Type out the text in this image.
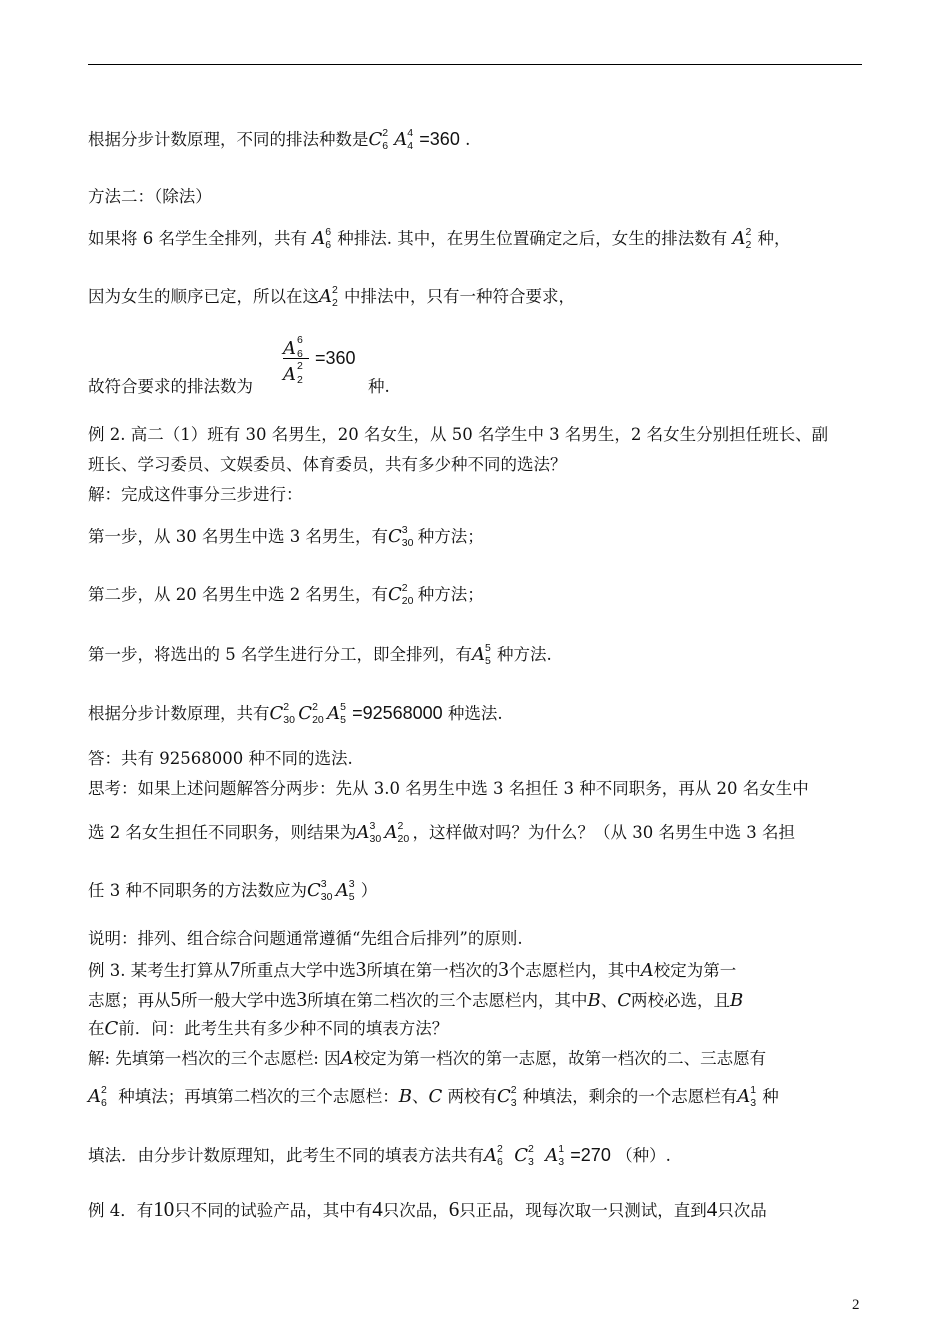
根据分步计数原理，不同的排法种数是C 2
6 A 4
4 =360 .
方法二：（除法）
如果将 6 名学生全排列，共有 A 6
6 种排法. 其中，在男生位置确定之后，女生的排法数有 A 2
2 种，
因为女生的顺序已定，所以在这A 2
2 中排法中，只有一种符合要求，
故符合要求的排法数为
A 6
6
A 2
2
=360
种.
例 2. 高二（1）班有 30 名男生，20 名女生，从 50 名学生中 3 名男生，2 名女生分别担任班长、副
班长、学习委员、文娱委员、体育委员，共有多少种不同的选法？
解：完成这件事分三步进行：
第一步，从 30 名男生中选 3 名男生，有C 3
30 种方法；
第二步，从 20 名男生中选 2 名男生，有C 2
20 种方法；
第一步，将选出的 5 名学生进行分工，即全排列，有A 5
5 种方法.
根据分步计数原理，共有C 2
30 C 2
20 A 5
5 =92568000 种选法.
答：共有 92568000 种不同的选法.
思考：如果上述问题解答分两步：先从 3.0 名男生中选 3 名担任 3 种不同职务，再从 20 名女生中
选 2 名女生担任不同职务，则结果为A 3
30 A 2
20 ，这样做对吗？为什么？（从 30 名男生中选 3 名担
任 3 种不同职务的方法数应为C 3
30 A 3
5 ）
说明：排列、组合综合问题通常遵循“先组合后排列”的原则.
例 3. 某考生打算从7所重点大学中选3所填在第一档次的3个志愿栏内，其中A校定为第一
志愿；再从5所一般大学中选3所填在第二档次的三个志愿栏内，其中B、C两校必选，且B
在C前．问：此考生共有多少种不同的填表方法？
解: 先填第一档次的三个志愿栏: 因A校定为第一档次的第一志愿，故第一档次的二、三志愿有
A 2
6 种填法；再填第二档次的三个志愿栏：B、C 两校有C 2
3 种填法，剩余的一个志愿栏有A 1
3 种
填法．由分步计数原理知，此考生不同的填表方法共有A 2
6 C 2
3 A 1
3 =270 （种）.
例 4．有10只不同的试验产品，其中有4只次品，6只正品，现每次取一只测试，直到4只次品
2
